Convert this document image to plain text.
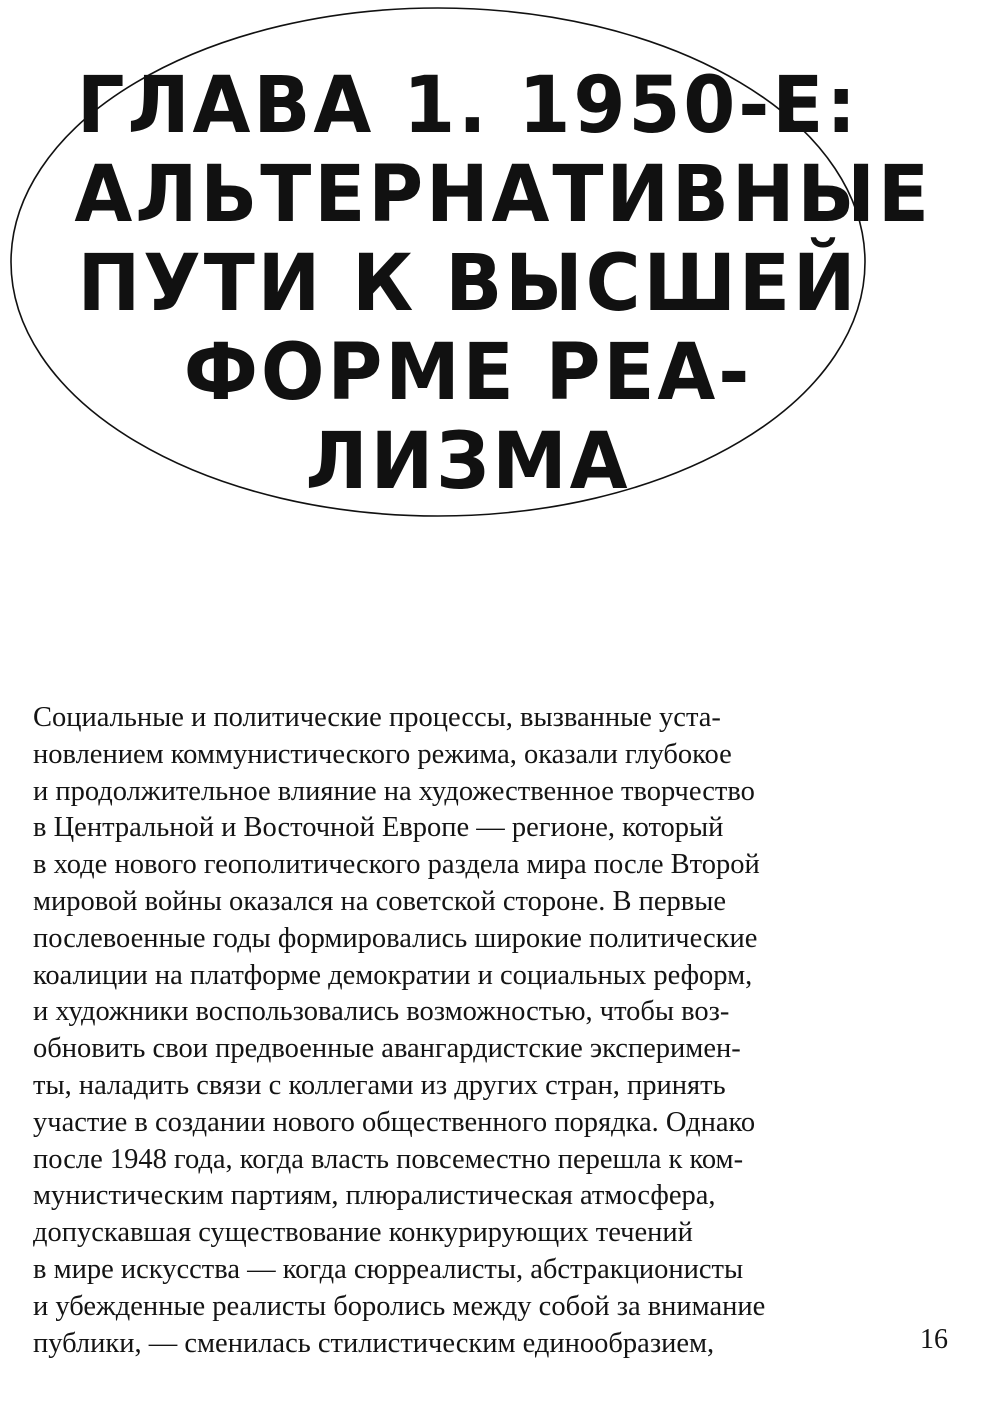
ГЛАВА 1. 1950-Е:
АЛЬТЕРНАТИВНЫЕ
ПУТИ К ВЫСШЕЙ
ФОРМЕ РЕА-
ЛИЗМА
Социальные и политические процессы, вызванные уста-
новлением коммунистического режима, оказали глубокое
и продолжительное влияние на художественное творчество
в Центральной и Восточной Европе — регионе, который
в ходе нового геополитического раздела мира после Второй
мировой войны оказался на советской стороне. В первые
послевоенные годы формировались широкие политические
коалиции на платформе демократии и социальных реформ,
и художники воспользовались возможностью, чтобы воз-
обновить свои предвоенные авангардистские эксперимен-
ты, наладить связи с коллегами из других стран, принять
участие в создании нового общественного порядка. Однако
после 1948 года, когда власть повсеместно перешла к ком-
мунистическим партиям, плюралистическая атмосфера,
допускавшая существование конкурирующих течений
в мире искусства — когда сюрреалисты, абстракционисты
и убежденные реалисты боролись между собой за внимание
публики, — сменилась стилистическим единообразием,	16
